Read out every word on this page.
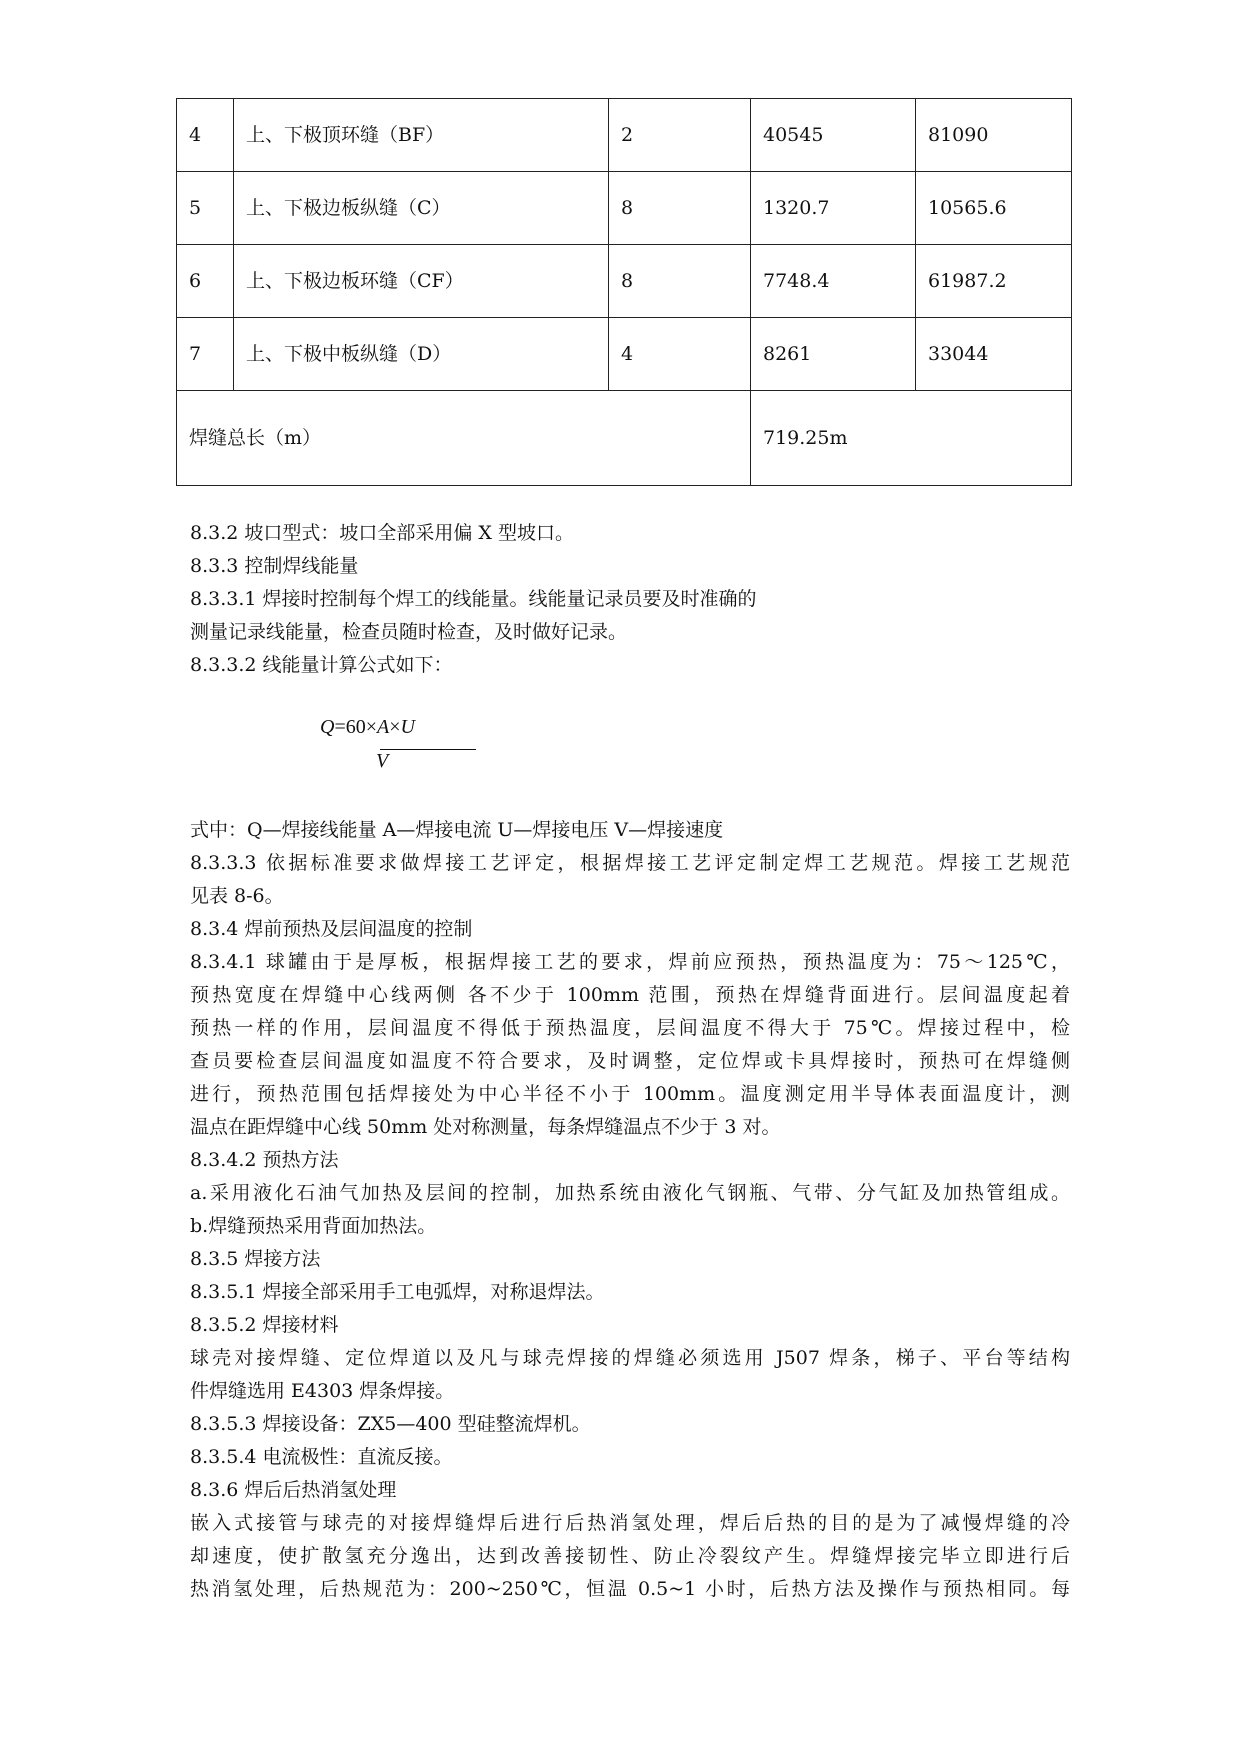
4	上、下极顶环缝（BF）	2	40545	81090
5	上、下极边板纵缝（C）	8	1320.7	10565.6
6	上、下极边板环缝（CF）	8	7748.4	61987.2
7	上、下极中板纵缝（D）	4	8261	33044
焊缝总长（m）			719.25m	
8.3.2 坡口型式：坡口全部采用偏 X 型坡口。
8.3.3 控制焊线能量
8.3.3.1 焊接时控制每个焊工的线能量。线能量记录员要及时准确的
测量记录线能量，检查员随时检查，及时做好记录。
8.3.3.2 线能量计算公式如下：
Q=60×A×U
V
式中：Q—焊接线能量 A—焊接电流 U—焊接电压 V—焊接速度
8.3.3.3 依据标准要求做焊接工艺评定，根据焊接工艺评定制定焊工艺规范。焊接工艺规范
见表 8-6。
8.3.4 焊前预热及层间温度的控制
8.3.4.1 球罐由于是厚板，根据焊接工艺的要求，焊前应预热，预热温度为：75～125℃，
预热宽度在焊缝中心线两侧 各不少于 100mm 范围，预热在焊缝背面进行。层间温度起着
预热一样的作用，层间温度不得低于预热温度，层间温度不得大于 75℃。焊接过程中，检
查员要检查层间温度如温度不符合要求，及时调整，定位焊或卡具焊接时，预热可在焊缝侧
进行，预热范围包括焊接处为中心半径不小于 100mm。温度测定用半导体表面温度计，测
温点在距焊缝中心线 50mm 处对称测量，每条焊缝温点不少于 3 对。
8.3.4.2 预热方法
a.采用液化石油气加热及层间的控制，加热系统由液化气钢瓶、气带、分气缸及加热管组成。
b.焊缝预热采用背面加热法。
8.3.5 焊接方法
8.3.5.1 焊接全部采用手工电弧焊，对称退焊法。
8.3.5.2 焊接材料
球壳对接焊缝、定位焊道以及凡与球壳焊接的焊缝必须选用 J507 焊条，梯子、平台等结构
件焊缝选用 E4303 焊条焊接。
8.3.5.3 焊接设备：ZX5—400 型硅整流焊机。
8.3.5.4 电流极性：直流反接。
8.3.6 焊后后热消氢处理
嵌入式接管与球壳的对接焊缝焊后进行后热消氢处理，焊后后热的目的是为了减慢焊缝的冷
却速度，使扩散氢充分逸出，达到改善接韧性、防止冷裂纹产生。焊缝焊接完毕立即进行后
热消氢处理，后热规范为：200~250℃，恒温 0.5~1 小时，后热方法及操作与预热相同。每
